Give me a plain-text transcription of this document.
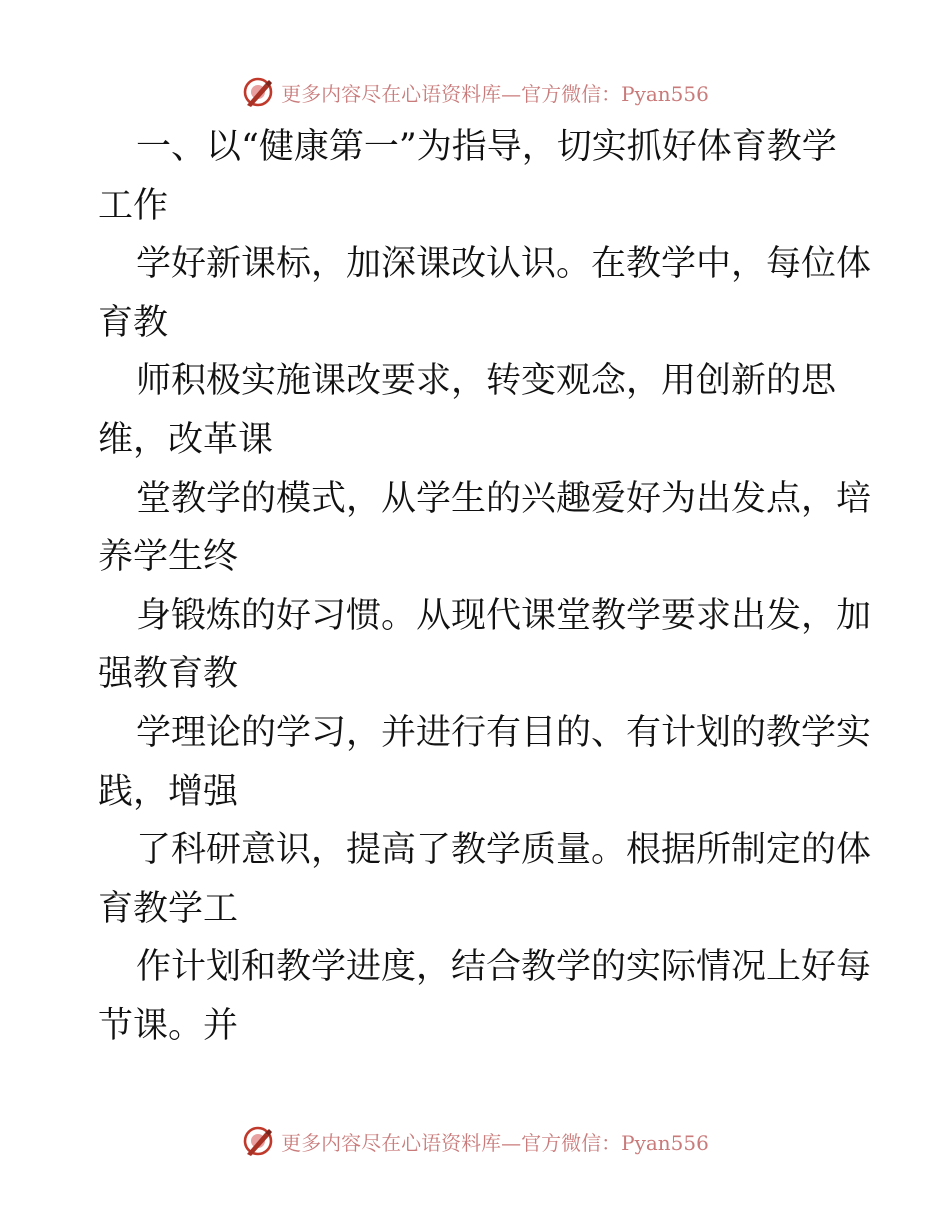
更多内容尽在心语资料库—官方微信：Pyan556
一、以“健康第一”为指导，切实抓好体育教学
工作
学好新课标，加深课改认识。在教学中，每位体
育教
师积极实施课改要求，转变观念，用创新的思
维，改革课
堂教学的模式，从学生的兴趣爱好为出发点，培
养学生终
身锻炼的好习惯。从现代课堂教学要求出发，加
强教育教
学理论的学习，并进行有目的、有计划的教学实
践，增强
了科研意识，提高了教学质量。根据所制定的体
育教学工
作计划和教学进度，结合教学的实际情况上好每
节课。并
更多内容尽在心语资料库—官方微信：Pyan556
